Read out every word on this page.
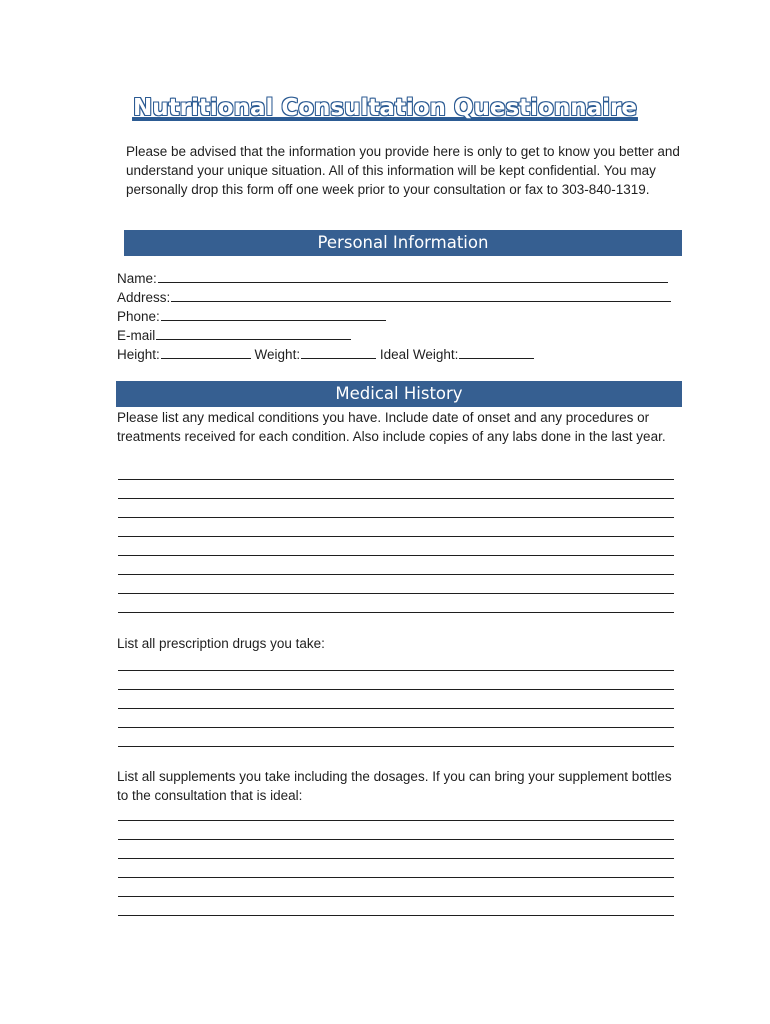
Nutritional Consultation Questionnaire
Please be advised that the information you provide here is only to get to know you better and understand your unique situation. All of this information will be kept confidential. You may personally drop this form off one week prior to your consultation or fax to 303-840-1319.
Personal Information
Name:
Address:
Phone:
E-mail
Height:	Weight:	Ideal Weight:
Medical History
Please list any medical conditions you have. Include date of onset and any procedures or treatments received for each condition. Also include copies of any labs done in the last year.
List all prescription drugs you take:
List all supplements you take including the dosages. If you can bring your supplement bottles to the consultation that is ideal:
